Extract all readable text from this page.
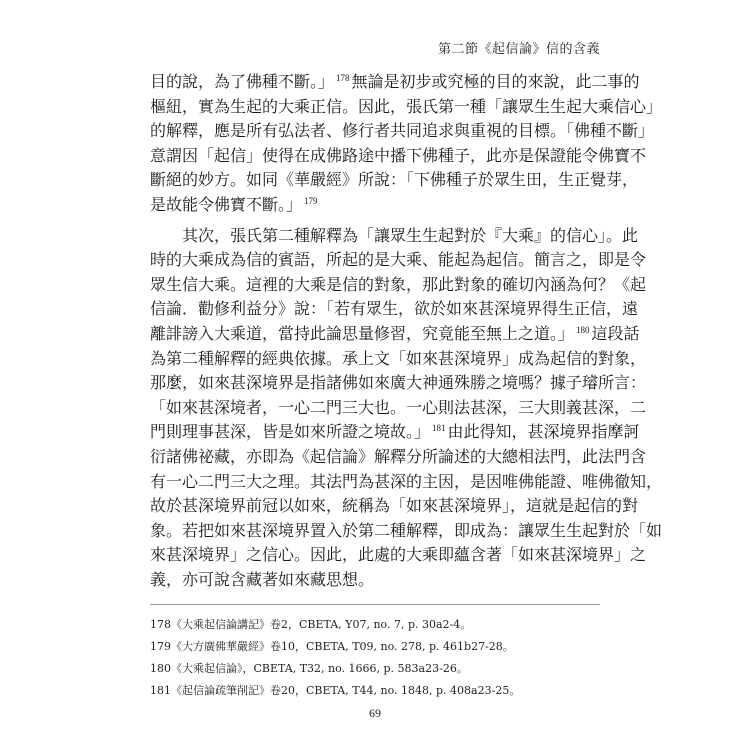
第二節《起信論》信的含義
目的說，為了佛種不斷。」 $^{178}$ 無論是初步或究極的目的來說，此二事的
樞紐，實為生起的大乘正信。因此，張氏第一種「讓眾生生起大乘信心」
的解釋，應是所有弘法者、修行者共同追求與重視的目標。「佛種不斷」
意謂因「起信」使得在成佛路途中播下佛種子，此亦是保證能令佛寶不
斷絕的妙方。如同《華嚴經》所說：「下佛種子於眾生田，生正覺芽，
是故能令佛寶不斷。」 $^{179}$
　　其次，張氏第二種解釋為「讓眾生生起對於『大乘』的信心」。此
時的大乘成為信的賓語，所起的是大乘、能起為起信。簡言之，即是令
眾生信大乘。這裡的大乘是信的對象，那此對象的確切內涵為何？《起
信論．勸修利益分》說：「若有眾生，欲於如來甚深境界得生正信，遠
離誹謗入大乘道，當持此論思量修習，究竟能至無上之道。」 $^{180}$ 這段話
為第二種解釋的經典依據。承上文「如來甚深境界」成為起信的對象，
那麼，如來甚深境界是指諸佛如來廣大神通殊勝之境嗎？據子璿所言：
「如來甚深境者，一心二門三大也。一心則法甚深，三大則義甚深，二
門則理事甚深，皆是如來所證之境故。」 $^{181}$ 由此得知，甚深境界指摩訶
衍諸佛祕藏，亦即為《起信論》解釋分所論述的大總相法門，此法門含
有一心二門三大之理。其法門為甚深的主因，是因唯佛能證、唯佛徹知，
故於甚深境界前冠以如來，統稱為「如來甚深境界」，這就是起信的對
象。若把如來甚深境界置入於第二種解釋，即成為：讓眾生生起對於「如
來甚深境界」之信心。因此，此處的大乘即蘊含著「如來甚深境界」之
義，亦可說含藏著如來藏思想。
178《大乘起信論講記》卷2，CBETA, Y07, no. 7, p. 30a2-4。
179《大方廣佛華嚴經》卷10，CBETA, T09, no. 278, p. 461b27-28。
180《大乘起信論》，CBETA, T32, no. 1666, p. 583a23-26。
181《起信論疏筆削記》卷20，CBETA, T44, no. 1848, p. 408a23-25。
69
